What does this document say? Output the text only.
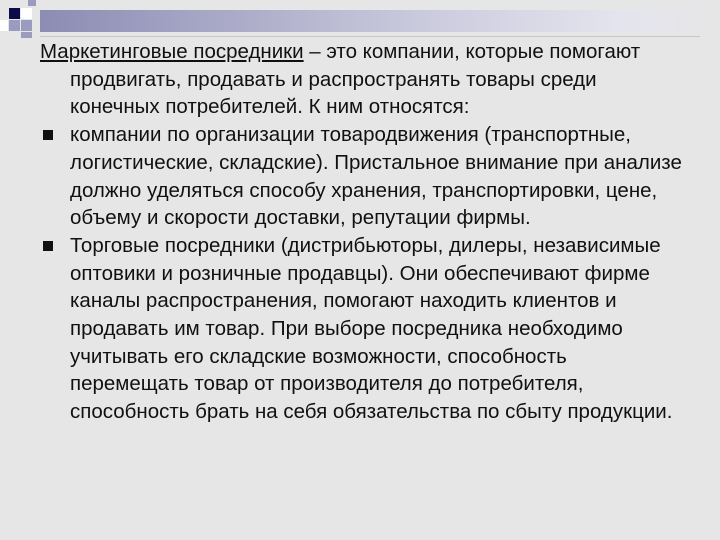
Маркетинговые посредники – это компании, которые помогают продвигать, продавать и распространять товары среди конечных потребителей. К ним относятся:
компании по организации товародвижения (транспортные, логистические, складские). Пристальное внимание при анализе должно уделяться способу хранения, транспортировки, цене, объему и скорости доставки, репутации фирмы.
Торговые посредники (дистрибьюторы, дилеры, независимые оптовики и розничные продавцы). Они обеспечивают фирме каналы распространения, помогают находить клиентов и продавать им товар. При выборе посредника необходимо учитывать его складские возможности, способность перемещать товар от производителя до потребителя, способность брать на себя обязательства по сбыту продукции.
